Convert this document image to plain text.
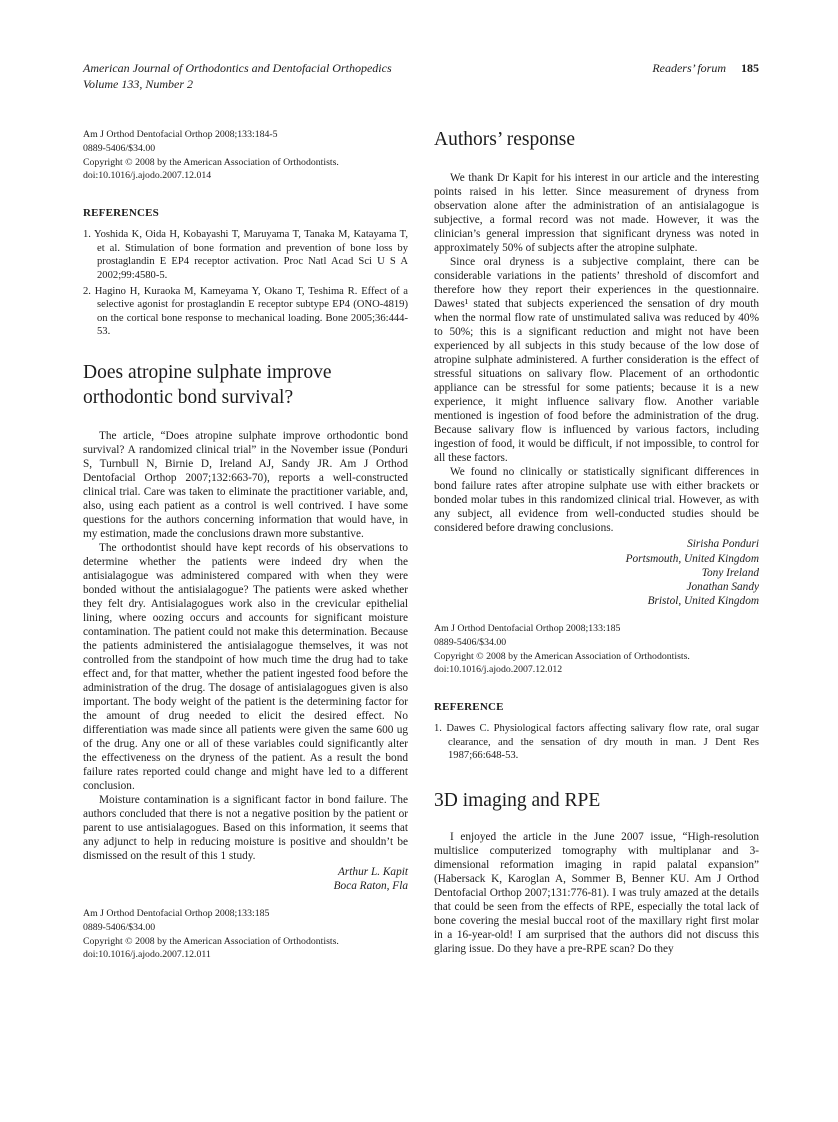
American Journal of Orthodontics and Dentofacial Orthopedics
Volume 133, Number 2
Readers’ forum 185
Am J Orthod Dentofacial Orthop 2008;133:184-5
0889-5406/$34.00
Copyright © 2008 by the American Association of Orthodontists.
doi:10.1016/j.ajodo.2007.12.014
REFERENCES
1. Yoshida K, Oida H, Kobayashi T, Maruyama T, Tanaka M, Katayama T, et al. Stimulation of bone formation and prevention of bone loss by prostaglandin E EP4 receptor activation. Proc Natl Acad Sci U S A 2002;99:4580-5.
2. Hagino H, Kuraoka M, Kameyama Y, Okano T, Teshima R. Effect of a selective agonist for prostaglandin E receptor subtype EP4 (ONO-4819) on the cortical bone response to mechanical loading. Bone 2005;36:444-53.
Does atropine sulphate improve orthodontic bond survival?

The article, “Does atropine sulphate improve orthodontic bond survival? A randomized clinical trial” in the November issue (Ponduri S, Turnbull N, Birnie D, Ireland AJ, Sandy JR. Am J Orthod Dentofacial Orthop 2007;132:663-70), reports a well-constructed clinical trial. Care was taken to eliminate the practitioner variable, and, also, using each patient as a control is well contrived. I have some questions for the authors concerning information that would have, in my estimation, made the conclusions drawn more substantive.

The orthodontist should have kept records of his observations to determine whether the patients were indeed dry when the antisialagogue was administered compared with when they were bonded without the antisialagogue? The patients were asked whether they felt dry. Antisialagogues work also in the crevicular epithelial lining, where oozing occurs and accounts for significant moisture contamination. The patient could not make this determination. Because the patients administered the antisialagogue themselves, it was not controlled from the standpoint of how much time the drug had to take effect and, for that matter, whether the patient ingested food before the administration of the drug. The dosage of antisialagogues given is also important. The body weight of the patient is the determining factor for the amount of drug needed to elicit the desired effect. No differentiation was made since all patients were given the same 600 ug of the drug. Any one or all of these variables could significantly alter the effectiveness on the dryness of the patient. As a result the bond failure rates reported could change and might have led to a different conclusion.

Moisture contamination is a significant factor in bond failure. The authors concluded that there is not a negative position by the patient or parent to use antisialagogues. Based on this information, it seems that any adjunct to help in reducing moisture is positive and shouldn’t be dismissed on the result of this 1 study.

Arthur L. Kapit
Boca Raton, Fla
Am J Orthod Dentofacial Orthop 2008;133:185
0889-5406/$34.00
Copyright © 2008 by the American Association of Orthodontists.
doi:10.1016/j.ajodo.2007.12.011
Authors’ response

We thank Dr Kapit for his interest in our article and the interesting points raised in his letter. Since measurement of dryness from observation alone after the administration of an antisialagogue is subjective, a formal record was not made. However, it was the clinician’s general impression that significant dryness was noted in approximately 50% of subjects after the atropine sulphate.

Since oral dryness is a subjective complaint, there can be considerable variations in the patients’ threshold of discomfort and therefore how they report their experiences in the questionnaire. Dawes¹ stated that subjects experienced the sensation of dry mouth when the normal flow rate of unstimulated saliva was reduced by 40% to 50%; this is a significant reduction and might not have been experienced by all subjects in this study because of the low dose of atropine sulphate administered. A further consideration is the effect of stressful situations on salivary flow. Placement of an orthodontic appliance can be stressful for some patients; because it is a new experience, it might influence salivary flow. Another variable mentioned is ingestion of food before the administration of the drug. Because salivary flow is influenced by various factors, including ingestion of food, it would be difficult, if not impossible, to control for all these factors.

We found no clinically or statistically significant differences in bond failure rates after atropine sulphate use with either brackets or bonded molar tubes in this randomized clinical trial. However, as with any subject, all evidence from well-conducted studies should be considered before drawing conclusions.

Sirisha Ponduri
Portsmouth, United Kingdom
Tony Ireland
Jonathan Sandy
Bristol, United Kingdom
Am J Orthod Dentofacial Orthop 2008;133:185
0889-5406/$34.00
Copyright © 2008 by the American Association of Orthodontists.
doi:10.1016/j.ajodo.2007.12.012
REFERENCE
1. Dawes C. Physiological factors affecting salivary flow rate, oral sugar clearance, and the sensation of dry mouth in man. J Dent Res 1987;66:648-53.
3D imaging and RPE

I enjoyed the article in the June 2007 issue, “High-resolution multislice computerized tomography with multiplanar and 3-dimensional reformation imaging in rapid palatal expansion” (Habersack K, Karoglan A, Sommer B, Benner KU. Am J Orthod Dentofacial Orthop 2007;131:776-81). I was truly amazed at the details that could be seen from the effects of RPE, especially the total lack of bone covering the mesial buccal root of the maxillary right first molar in a 16-year-old! I am surprised that the authors did not discuss this glaring issue. Do they have a pre-RPE scan? Do they
